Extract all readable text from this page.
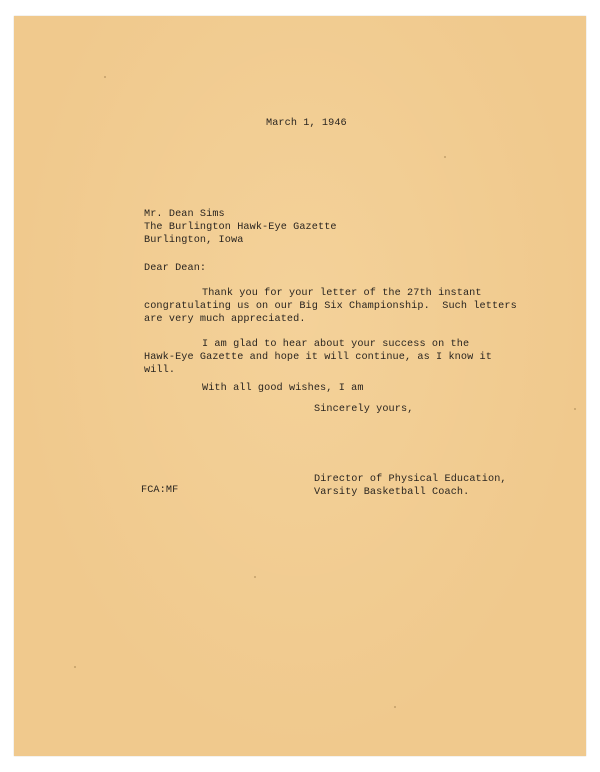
March 1, 1946
Mr. Dean Sims
The Burlington Hawk-Eye Gazette
Burlington, Iowa
Dear Dean:
Thank you for your letter of the 27th instant
congratulating us on our Big Six Championship.  Such letters
are very much appreciated.
I am glad to hear about your success on the
Hawk-Eye Gazette and hope it will continue, as I know it
will.
With all good wishes, I am
Sincerely yours,
Director of Physical Education,
Varsity Basketball Coach.
FCA:MF
